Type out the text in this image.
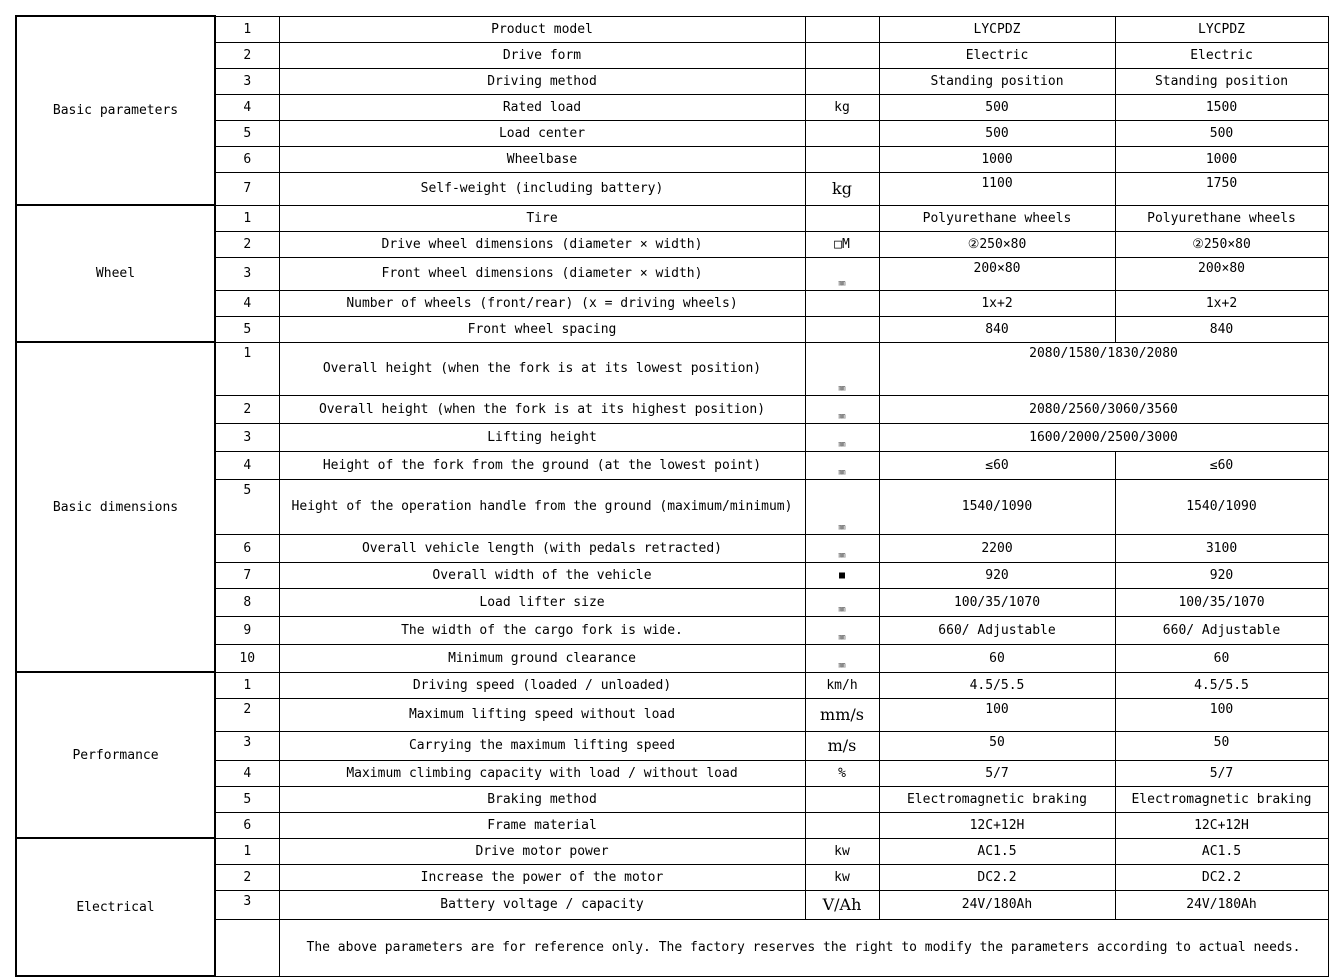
Basic parameters	1	Product model		LYCPDZ	LYCPDZ
	2	Drive form		Electric	Electric
	3	Driving method		Standing position	Standing position
	4	Rated load	kg	500	1500
	5	Load center		500	500
	6	Wheelbase		1000	1000
	7	Self-weight (including battery)	kg	1100	1750
Wheel	1	Tire		Polyurethane wheels	Polyurethane wheels
	2	Drive wheel dimensions (diameter × width)	□M	②250×80	②250×80
	3	Front wheel dimensions (diameter × width)	㎜	200×80	200×80
	4	Number of wheels (front/rear) (x = driving wheels)		1x+2	1x+2
	5	Front wheel spacing		840	840
Basic dimensions	1	Overall height (when the fork is at its lowest position)	㎜	2080/1580/1830/2080	
	2	Overall height (when the fork is at its highest position)	㎜	2080/2560/3060/3560	
	3	Lifting height	㎜	1600/2000/2500/3000	
	4	Height of the fork from the ground (at the lowest point)	㎜	≤60	≤60
	5	Height of the operation handle from the ground (maximum/minimum)	㎜	1540/1090	1540/1090
	6	Overall vehicle length (with pedals retracted)	㎜	2200	3100
	7	Overall width of the vehicle	■	920	920
	8	Load lifter size	㎜	100/35/1070	100/35/1070
	9	The width of the cargo fork is wide.	㎜	660/ Adjustable	660/ Adjustable
	10	Minimum ground clearance	㎜	60	60
Performance	1	Driving speed (loaded / unloaded)	km/h	4.5/5.5	4.5/5.5
	2	Maximum lifting speed without load	mm/s	100	100
	3	Carrying the maximum lifting speed	m/s	50	50
	4	Maximum climbing capacity with load / without load	%	5/7	5/7
	5	Braking method		Electromagnetic braking	Electromagnetic braking
	6	Frame material		12C+12H	12C+12H
Electrical	1	Drive motor power	kw	AC1.5	AC1.5
	2	Increase the power of the motor	kw	DC2.2	DC2.2
	3	Battery voltage / capacity	V/Ah	24V/180Ah	24V/180Ah
		The above parameters are for reference only. The factory reserves the right to modify the parameters according to actual needs.			
